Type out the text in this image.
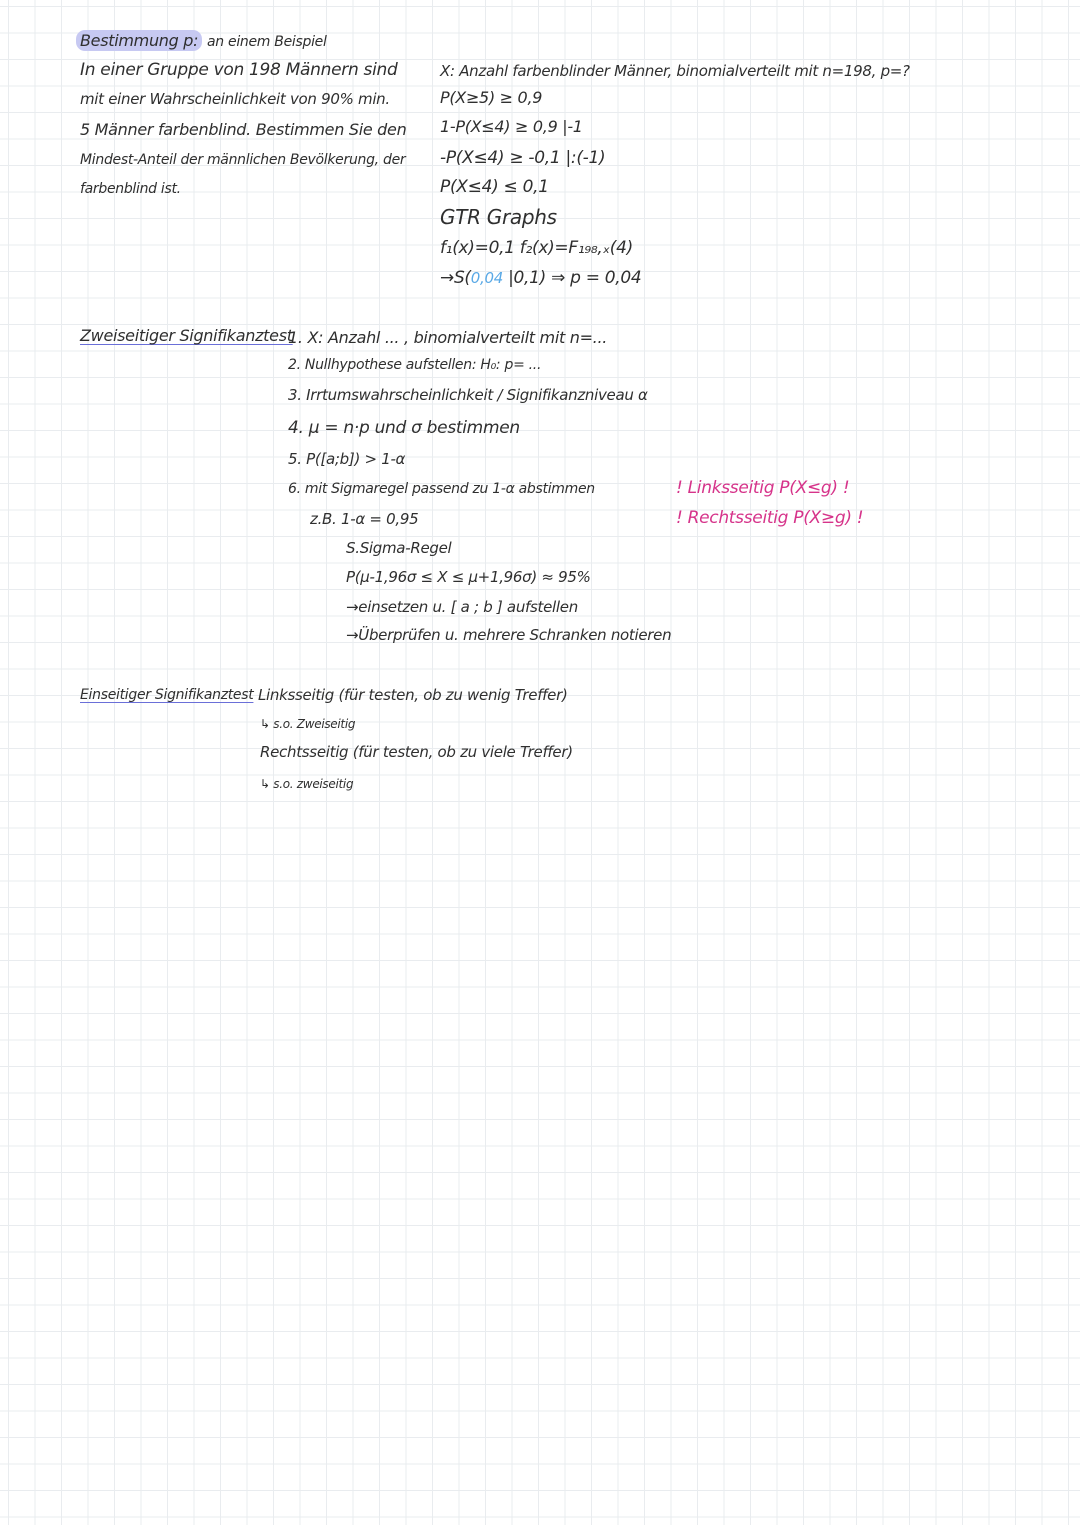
Bestimmung p: an einem Beispiel
In einer Gruppe von 198 Männern sind
mit einer Wahrscheinlichkeit von 90% min.
5 Männer farbenblind. Bestimmen Sie den
Mindest-Anteil der männlichen Bevölkerung, der
farbenblind ist.
X: Anzahl farbenblinder Männer, binomialverteilt mit n=198, p=?
P(X≥5) ≥ 0,9
1-P(X≤4) ≥ 0,9 |-1
-P(X≤4) ≥ -0,1 |:(-1)
P(X≤4) ≤ 0,1
GTR Graphs
f₁(x)=0,1 f₂(x)=F₁₉₈,ₓ(4)
→S(0,04 |0,1) ⇒ p = 0,04
Zweiseitiger Signifikanztest
1. X: Anzahl ... , binomialverteilt mit n=...
2. Nullhypothese aufstellen: H₀: p= ...
3. Irrtumswahrscheinlichkeit / Signifikanzniveau α
4. μ = n·p und σ bestimmen
5. P([a;b]) > 1-α
6. mit Sigmaregel passend zu 1-α abstimmen
z.B. 1-α = 0,95
S.Sigma-Regel
P(μ-1,96σ ≤ X ≤ μ+1,96σ) ≈ 95%
→einsetzen u. [ a ; b ] aufstellen
→Überprüfen u. mehrere Schranken notieren
! Linksseitig P(X≤g) !
! Rechtsseitig P(X≥g) !
Einseitiger Signifikanztest Linksseitig (für testen, ob zu wenig Treffer)
↳ s.o. Zweiseitig
Rechtsseitig (für testen, ob zu viele Treffer)
↳ s.o. zweiseitig
